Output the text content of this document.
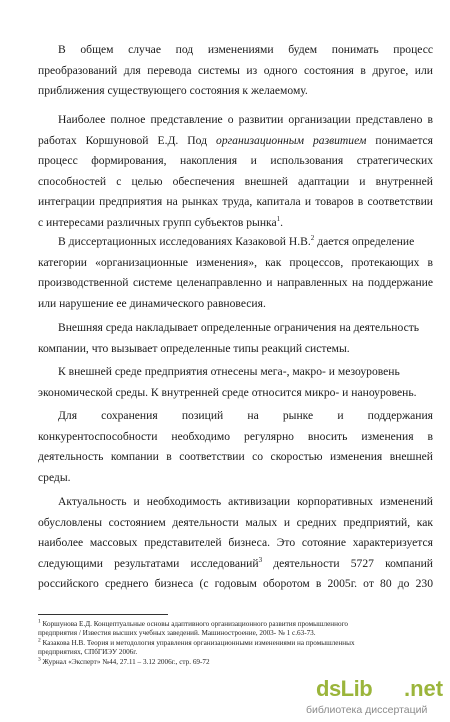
В общем случае под изменениями будем понимать процесс
преобразований для перевода системы из одного состояния в другое, или
приближения существующего состояния к желаемому.
Наиболее полное представление о развитии организации представлено в
работах Коршуновой Е.Д. Под организационным развитием понимается
процесс формирования, накопления и использования стратегических
способностей с целью обеспечения внешней адаптации и внутренней
интеграции предприятия на рынках труда, капитала и товаров в соответствии
с интересами различных групп субъектов рынка$^1$.
В диссертационных исследованиях Казаковой Н.В.$^2$ дается определение
категории «организационные изменения», как процессов, протекающих в
производственной системе целенаправленно и направленных на поддержание
или нарушение ее динамического равновесия.
Внешняя среда накладывает определенные ограничения на деятельность
компании, что вызывает определенные типы реакций системы.
К внешней среде предприятия отнесены мега-, макро- и мезоуровень
экономической среды. К внутренней среде относится микро- и наноуровень.
Для сохранения позиций на рынке и поддержания
конкурентоспособности необходимо регулярно вносить изменения в
деятельность компании в соответствии со скоростью изменения внешней
среды.
Актуальность и необходимость активизации корпоративных изменений
обусловлены состоянием деятельности малых и средних предприятий, как
наиболее массовых представителей бизнеса. Это сотояние характеризуется
следующими результатами исследований$^3$ деятельности 5727 компаний
российского среднего бизнеса (с годовым оборотом в 2005г. от 80 до 230
$^1$ Коршунова Е.Д. Концептуальные основы адаптивного организационного развития промышленного
предприятия / Известия высших учебных заведений. Машиностроение, 2003- № 1 с.63-73.
$^2$ Казакова Н.В. Теория и методология управления организационными изменениями на промышленных
предприятиях, СПбГИЭУ 2006г.
$^3$ Журнал «Эксперт» №44, 27.11 – 3.12 2006г., стр. 69-72
dsLib .net
библиотека диссертаций
